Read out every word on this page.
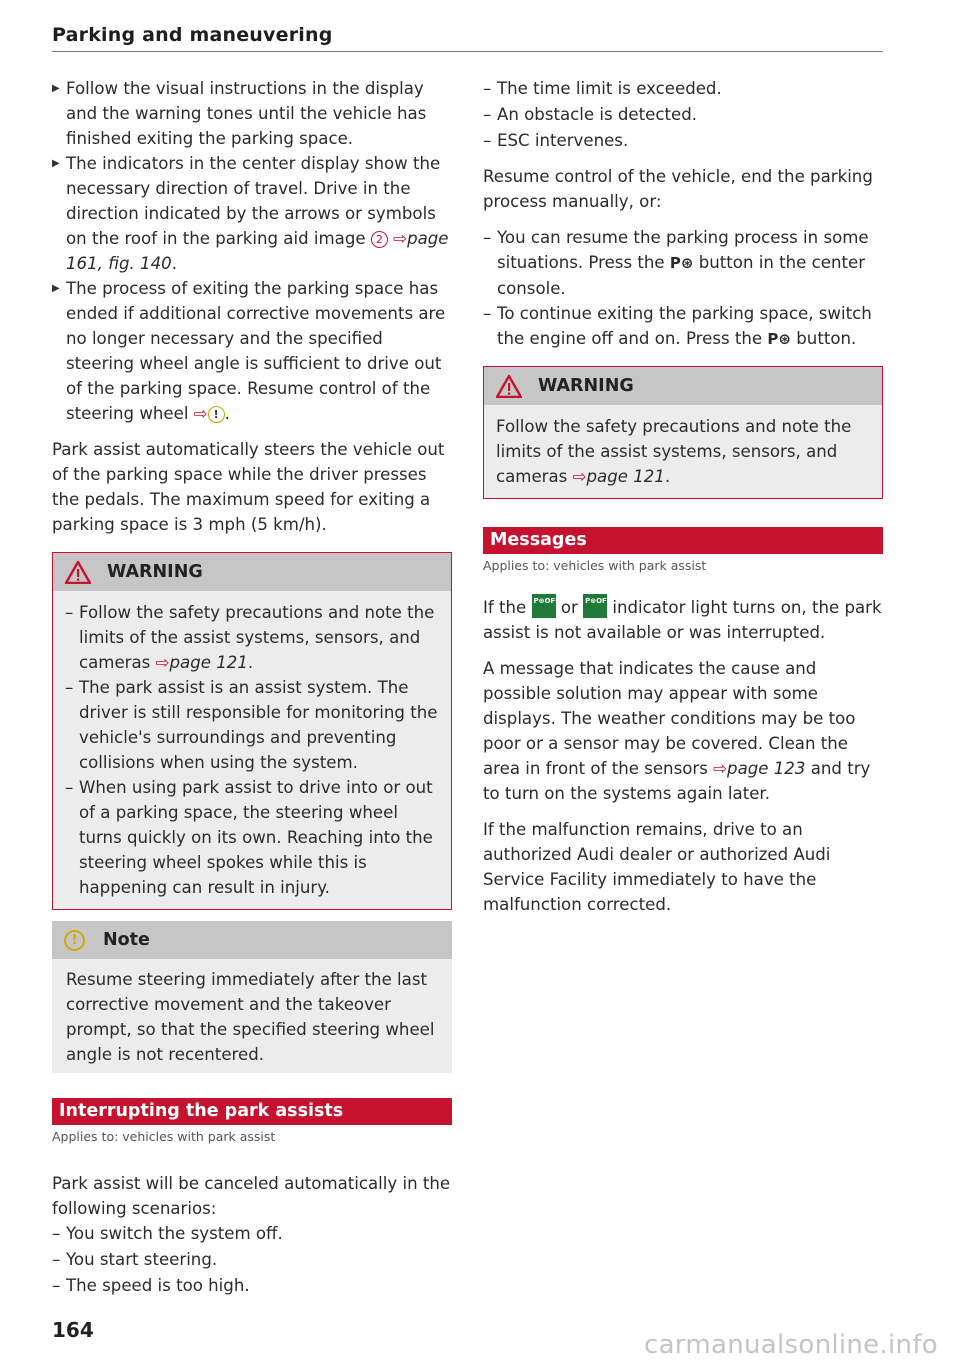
Parking and maneuvering

▶ Follow the visual instructions in the display and the warning tones until the vehicle has finished exiting the parking space.

▶ The indicators in the center display show the necessary direction of travel. Drive in the direction indicated by the arrows or symbols on the roof in the parking aid image 2 ⇨page 161, fig. 140.

▶ The process of exiting the parking space has ended if additional corrective movements are no longer necessary and the specified steering wheel angle is sufficient to drive out of the parking space. Resume control of the steering wheel ⇨ ! .

Park assist automatically steers the vehicle out of the parking space while the driver presses the pedals. The maximum speed for exiting a parking space is 3 mph (5 km/h).

WARNING

– Follow the safety precautions and note the limits of the assist systems, sensors, and cameras ⇨page 121.

– The park assist is an assist system. The driver is still responsible for monitoring the vehicle's surroundings and preventing collisions when using the system.

– When using park assist to drive into or out of a parking space, the steering wheel turns quickly on its own. Reaching into the steering wheel spokes while this is happening can result in injury.

!	Note
Resume steering immediately after the last corrective movement and the takeover prompt, so that the specified steering wheel angle is not recentered.
Interrupting the park assists
Applies to: vehicles with park assist

Park assist will be canceled automatically in the following scenarios:

– You switch the system off.

– You start steering.

– The speed is too high.

– The time limit is exceeded.

– An obstacle is detected.

– ESC intervenes.

Resume control of the vehicle, end the parking process manually, or:

– You can resume the parking process in some situations. Press the P⊛ button in the center console.

– To continue exiting the parking space, switch the engine off and on. Press the P⊛ button.

WARNING

Follow the safety precautions and note the limits of the assist systems, sensors, and cameras ⇨page 121.

Messages
Applies to: vehicles with park assist

If the P⊛OFF or P⊛OFF indicator light turns on, the park assist is not available or was interrupted.

A message that indicates the cause and possible solution may appear with some displays. The weather conditions may be too poor or a sensor may be covered. Clean the area in front of the sensors ⇨page 123 and try to turn on the systems again later.

If the malfunction remains, drive to an authorized Audi dealer or authorized Audi Service Facility immediately to have the malfunction corrected.

164	carmanualsonline.info
